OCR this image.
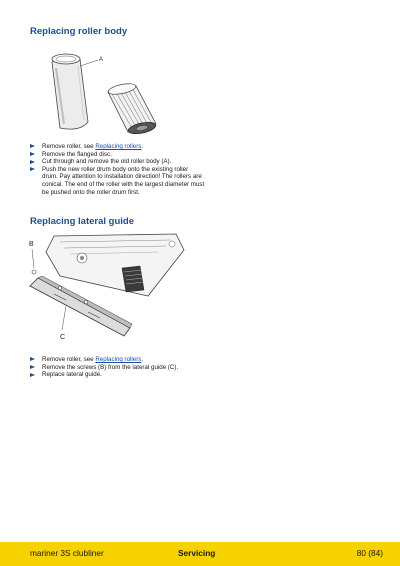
Replacing roller body
A
Remove roller, see Replacing rollers.
Remove the flanged disc.
Cut through and remove the old roller body (A).
Push the new roller drum body onto the existing roller drum. Pay attention to installation direction! The rollers are conical. The end of the roller with the largest diameter must be pushed onto the roller drum first.
Replacing lateral guide
B
C
Remove roller, see Replacing rollers.
Remove the screws (B) from the lateral guide (C).
Replace lateral guide.
mariner 3S clubliner	Servicing	80 (84)
